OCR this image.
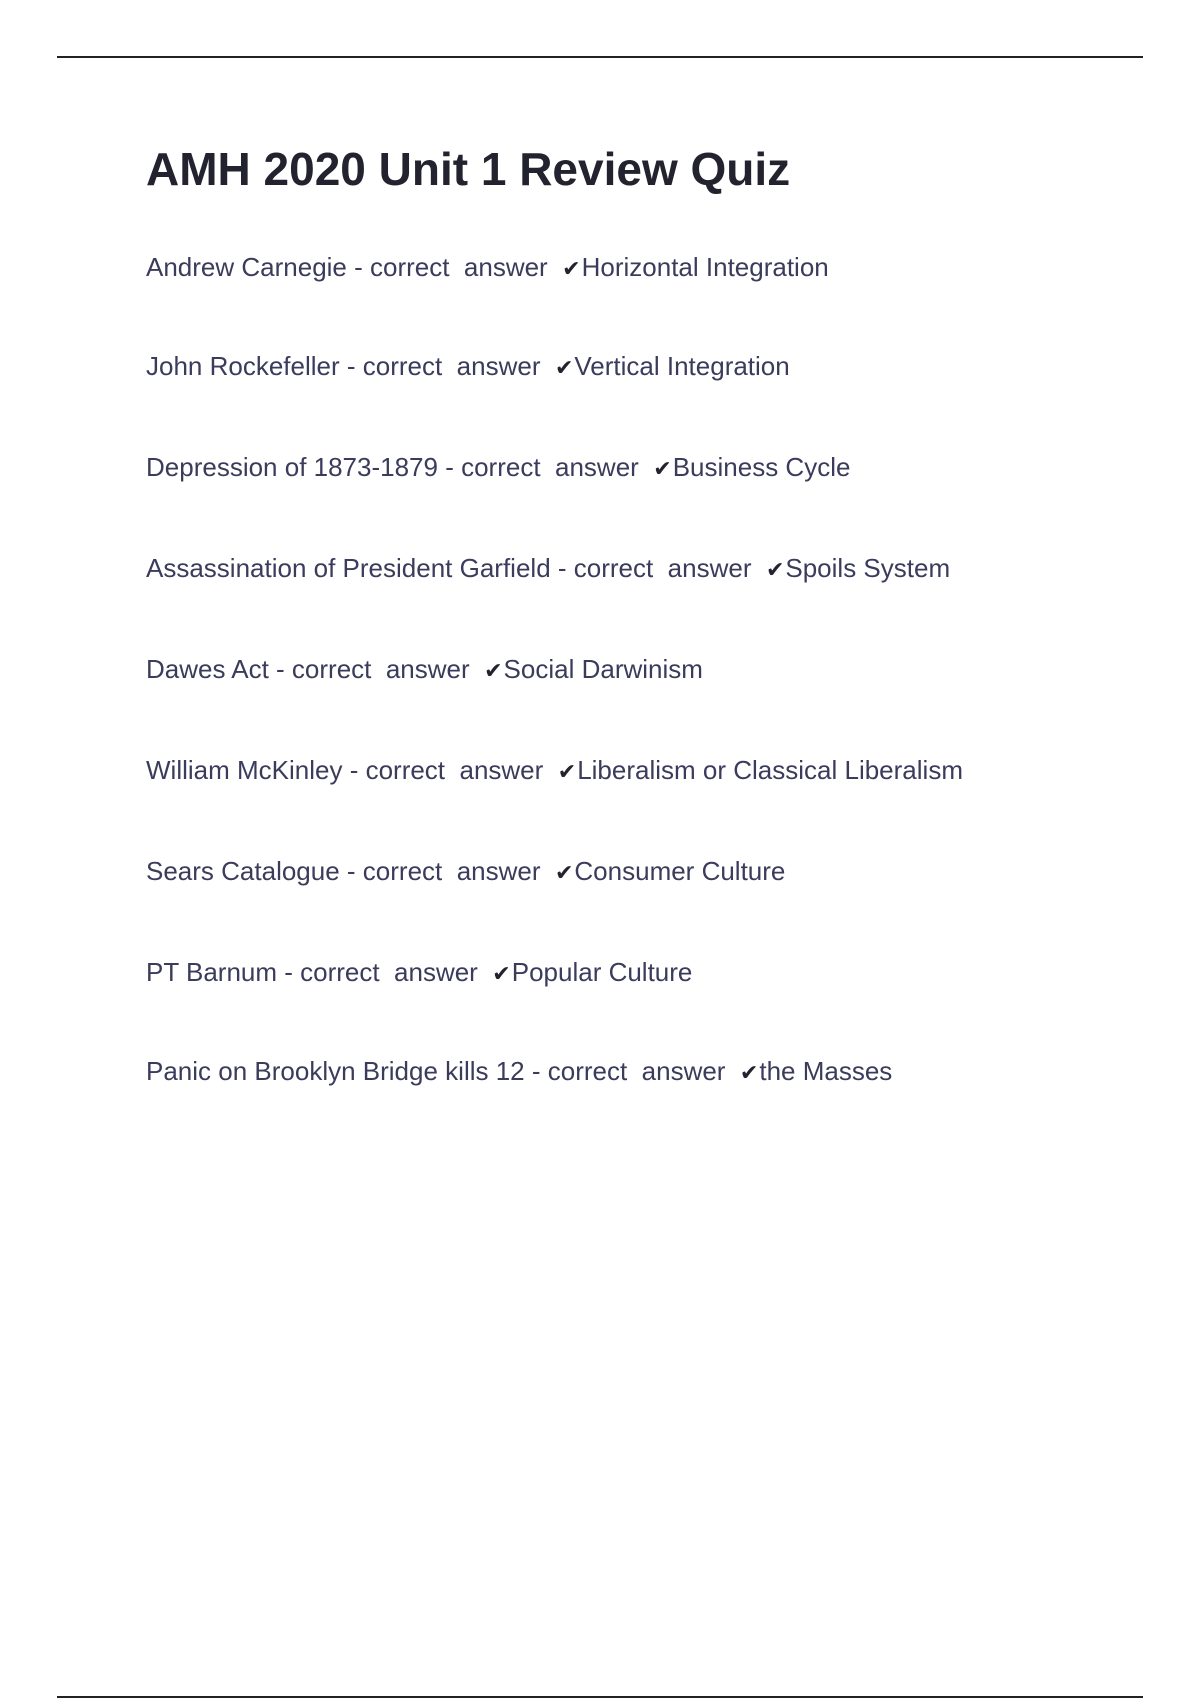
AMH 2020 Unit 1 Review Quiz

Andrew Carnegie - correct  answer  ✔Horizontal Integration

John Rockefeller - correct  answer  ✔Vertical Integration

Depression of 1873-1879 - correct  answer  ✔Business Cycle

Assassination of President Garfield - correct  answer  ✔Spoils System

Dawes Act - correct  answer  ✔Social Darwinism

William McKinley - correct  answer  ✔Liberalism or Classical Liberalism

Sears Catalogue - correct  answer  ✔Consumer Culture

PT Barnum - correct  answer  ✔Popular Culture

Panic on Brooklyn Bridge kills 12 - correct  answer  ✔the Masses
